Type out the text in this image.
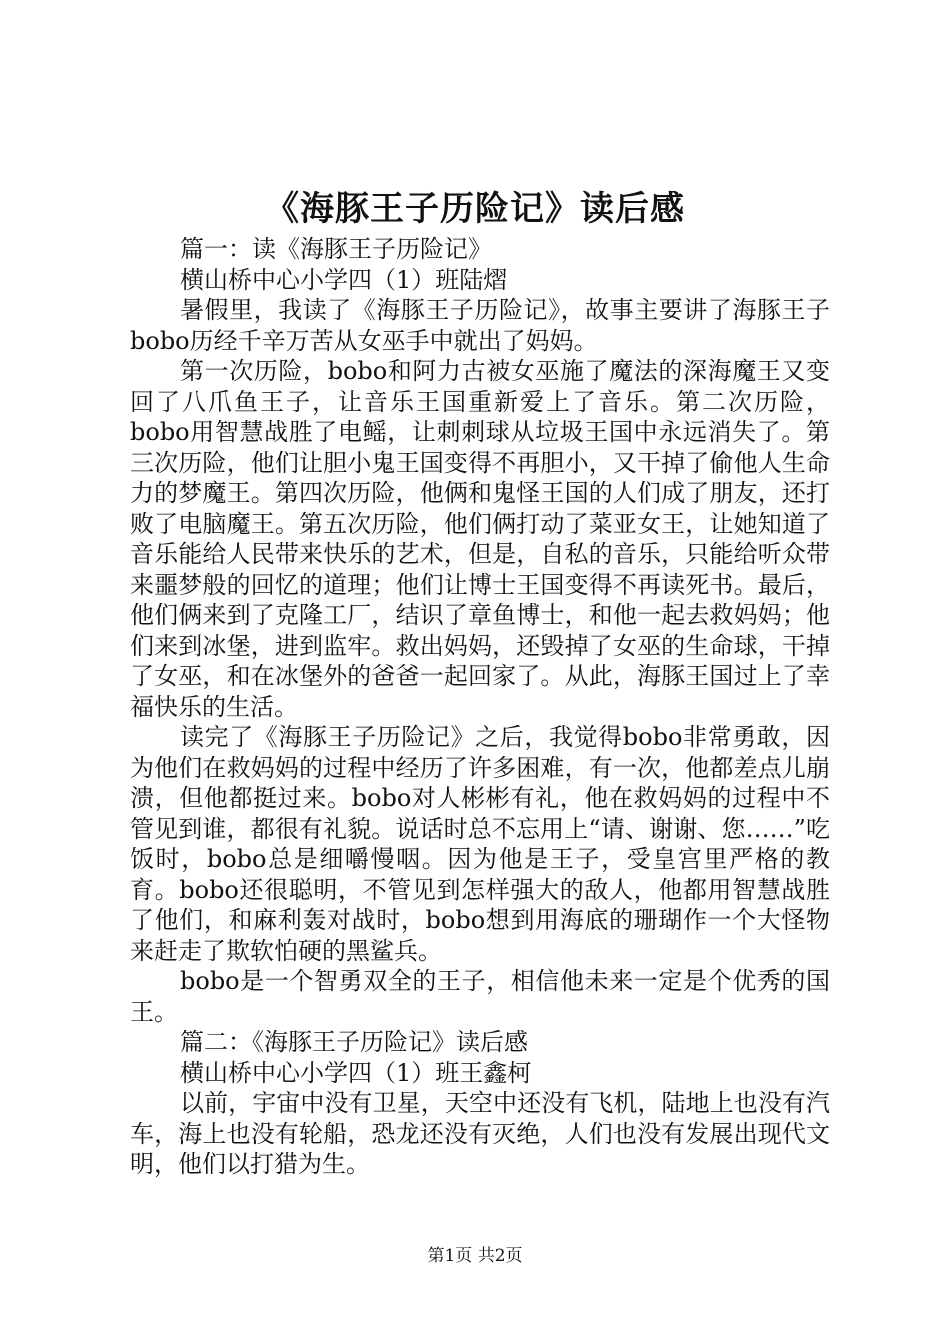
《海豚王子历险记》读后感

篇一：读《海豚王子历险记》

横山桥中心小学四（1）班陆熠

暑假里，我读了《海豚王子历险记》，故事主要讲了海豚王子bobo历经千辛万苦从女巫手中就出了妈妈。

第一次历险，bobo和阿力古被女巫施了魔法的深海魔王又变回了八爪鱼王子，让音乐王国重新爱上了音乐。第二次历险，bobo用智慧战胜了电鳐，让刺刺球从垃圾王国中永远消失了。第三次历险，他们让胆小鬼王国变得不再胆小，又干掉了偷他人生命力的梦魔王。第四次历险，他俩和鬼怪王国的人们成了朋友，还打败了电脑魔王。第五次历险，他们俩打动了菜亚女王，让她知道了音乐能给人民带来快乐的艺术，但是，自私的音乐，只能给听众带来噩梦般的回忆的道理；他们让博士王国变得不再读死书。最后，他们俩来到了克隆工厂，结识了章鱼博士，和他一起去救妈妈；他们来到冰堡，进到监牢。救出妈妈，还毁掉了女巫的生命球，干掉了女巫，和在冰堡外的爸爸一起回家了。从此，海豚王国过上了幸福快乐的生活。

读完了《海豚王子历险记》之后，我觉得bobo非常勇敢，因为他们在救妈妈的过程中经历了许多困难，有一次，他都差点儿崩溃，但他都挺过来。bobo对人彬彬有礼，他在救妈妈的过程中不管见到谁，都很有礼貌。说话时总不忘用上“请、谢谢、您……”吃饭时，bobo总是细嚼慢咽。因为他是王子，受皇宫里严格的教育。bobo还很聪明，不管见到怎样强大的敌人，他都用智慧战胜了他们，和麻利轰对战时，bobo想到用海底的珊瑚作一个大怪物来赶走了欺软怕硬的黑鲨兵。

bobo是一个智勇双全的王子，相信他未来一定是个优秀的国王。

篇二：《海豚王子历险记》读后感

横山桥中心小学四（1）班王鑫柯

以前，宇宙中没有卫星，天空中还没有飞机，陆地上也没有汽车，海上也没有轮船，恐龙还没有灭绝，人们也没有发展出现代文明，他们以打猎为生。

第1页 共2页
